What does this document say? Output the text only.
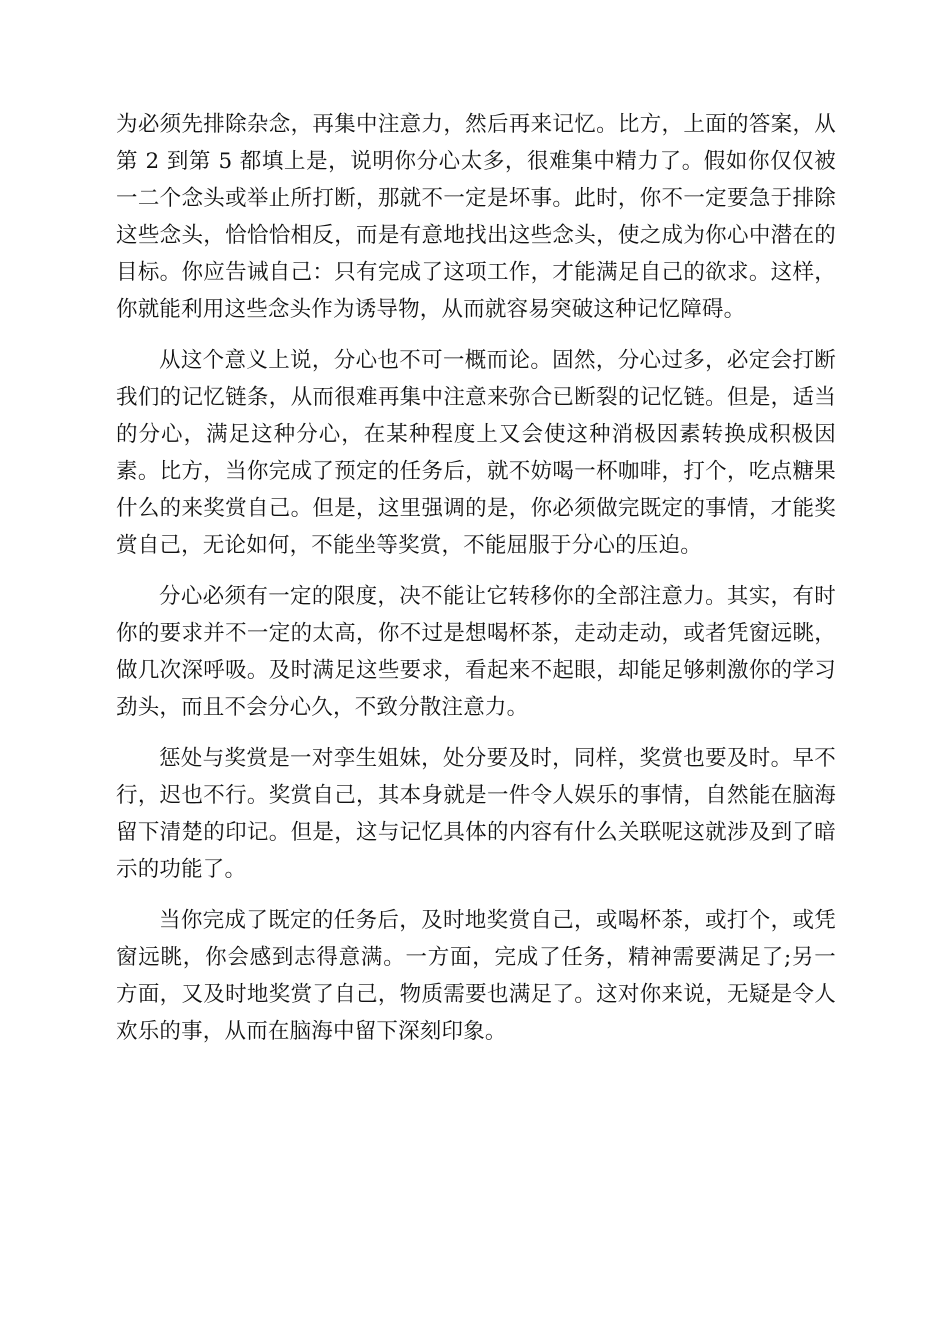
为必须先排除杂念，再集中注意力，然后再来记忆。比方，上面的答案，从第 2 到第 5 都填上是，说明你分心太多，很难集中精力了。假如你仅仅被一二个念头或举止所打断，那就不一定是坏事。此时，你不一定要急于排除这些念头，恰恰恰相反，而是有意地找出这些念头，使之成为你心中潜在的目标。你应告诫自己：只有完成了这项工作，才能满足自己的欲求。这样，你就能利用这些念头作为诱导物，从而就容易突破这种记忆障碍。

从这个意义上说，分心也不可一概而论。固然，分心过多，必定会打断我们的记忆链条，从而很难再集中注意来弥合已断裂的记忆链。但是，适当的分心，满足这种分心，在某种程度上又会使这种消极因素转换成积极因素。比方，当你完成了预定的任务后，就不妨喝一杯咖啡，打个，吃点糖果什么的来奖赏自己。但是，这里强调的是，你必须做完既定的事情，才能奖赏自己，无论如何，不能坐等奖赏，不能屈服于分心的压迫。

分心必须有一定的限度，决不能让它转移你的全部注意力。其实，有时你的要求并不一定的太高，你不过是想喝杯茶，走动走动，或者凭窗远眺，做几次深呼吸。及时满足这些要求，看起来不起眼，却能足够刺激你的学习劲头，而且不会分心久，不致分散注意力。

惩处与奖赏是一对孪生姐妹，处分要及时，同样，奖赏也要及时。早不行，迟也不行。奖赏自己，其本身就是一件令人娱乐的事情，自然能在脑海留下清楚的印记。但是，这与记忆具体的内容有什么关联呢这就涉及到了暗示的功能了。

当你完成了既定的任务后，及时地奖赏自己，或喝杯茶，或打个，或凭窗远眺，你会感到志得意满。一方面，完成了任务，精神需要满足了;另一方面，又及时地奖赏了自己，物质需要也满足了。这对你来说，无疑是令人欢乐的事，从而在脑海中留下深刻印象。
